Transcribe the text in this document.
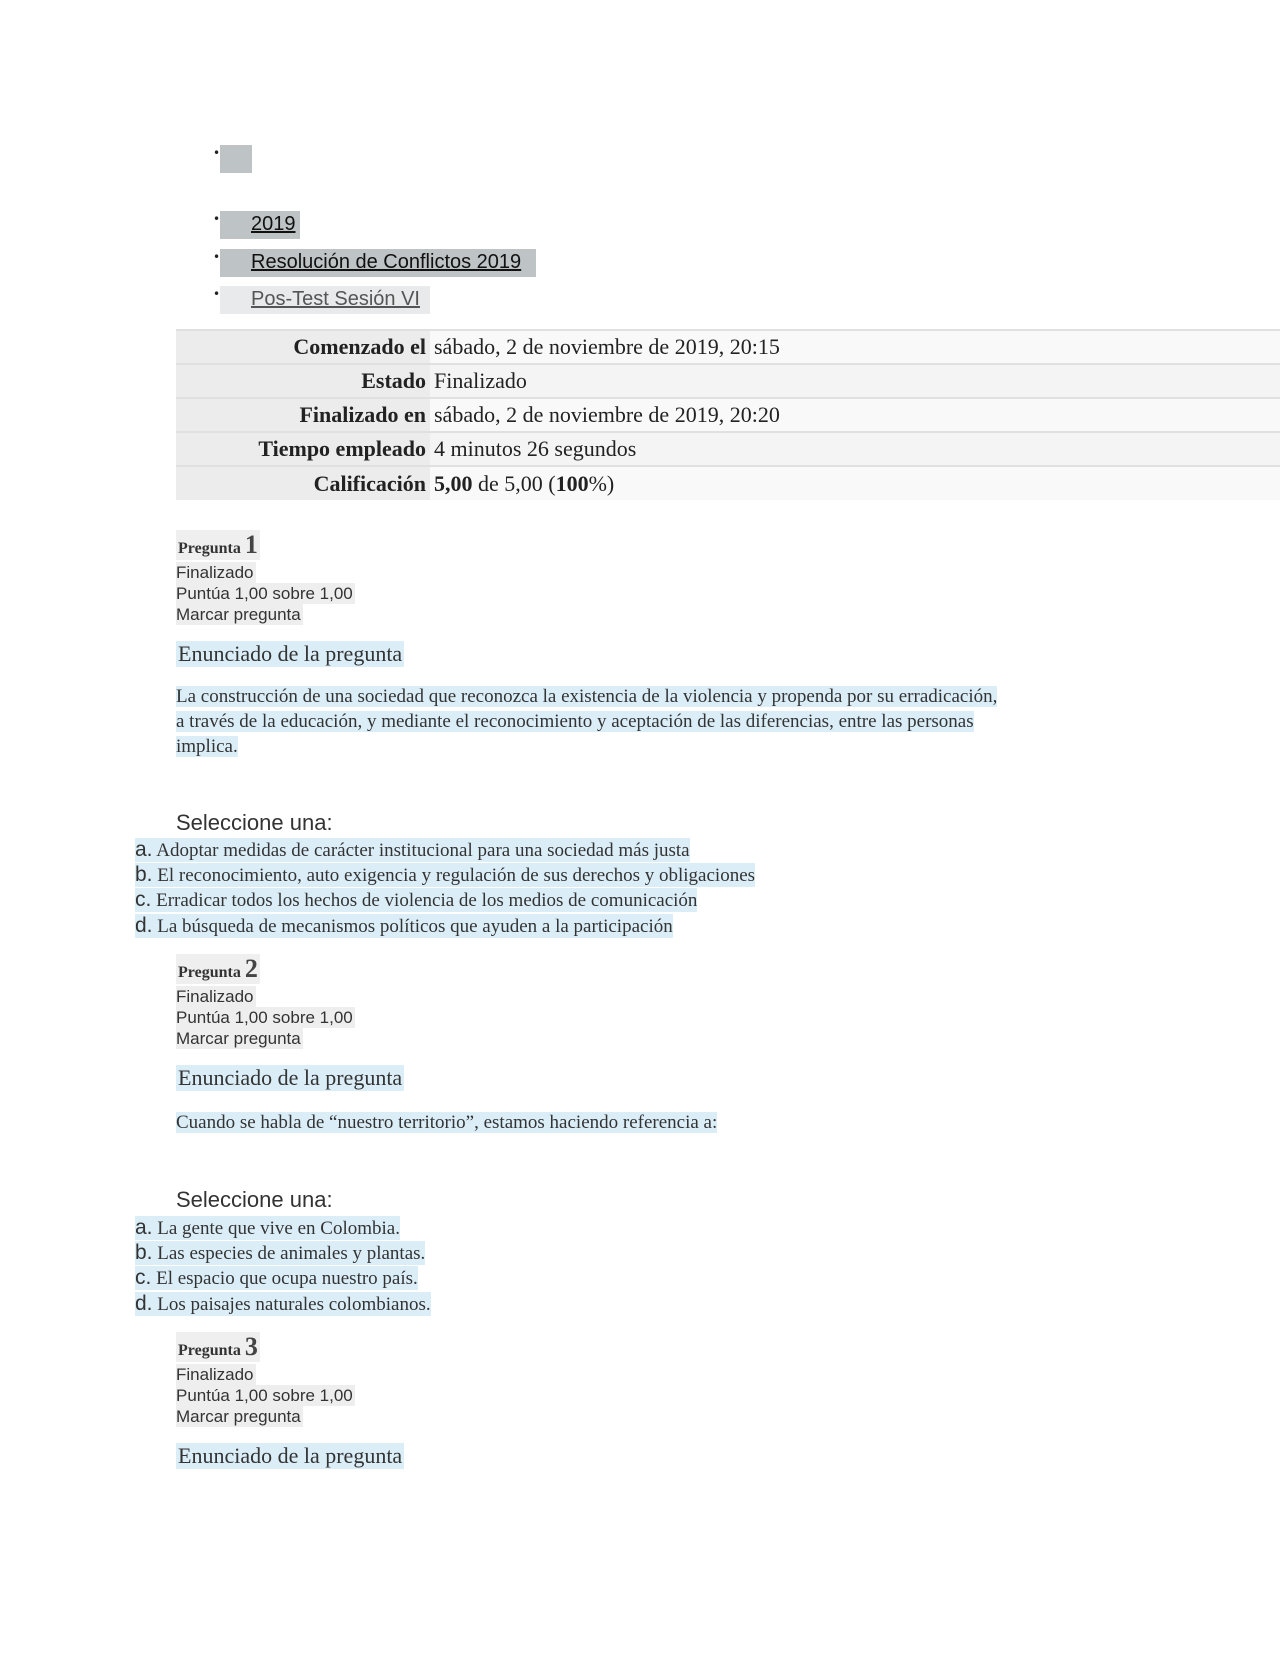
•
• 2019
• Resolución de Conflictos 2019
• Pos-Test Sesión VI
Comenzado el	sábado, 2 de noviembre de 2019, 20:15
Estado	Finalizado
Finalizado en	sábado, 2 de noviembre de 2019, 20:20
Tiempo empleado	4 minutos 26 segundos
Calificación	5,00 de 5,00 (100%)
Pregunta 1
Finalizado
Puntúa 1,00 sobre 1,00
Marcar pregunta
Enunciado de la pregunta
La construcción de una sociedad que reconozca la existencia de la violencia y propenda por su erradicación,
a través de la educación, y mediante el reconocimiento y aceptación de las diferencias, entre las personas
implica.
Seleccione una:
a. Adoptar medidas de carácter institucional para una sociedad más justa
b. El reconocimiento, auto exigencia y regulación de sus derechos y obligaciones
c. Erradicar todos los hechos de violencia de los medios de comunicación
d. La búsqueda de mecanismos políticos que ayuden a la participación
Pregunta 2
Finalizado
Puntúa 1,00 sobre 1,00
Marcar pregunta
Enunciado de la pregunta
Cuando se habla de “nuestro territorio”, estamos haciendo referencia a:
Seleccione una:
a. La gente que vive en Colombia.
b. Las especies de animales y plantas.
c. El espacio que ocupa nuestro país.
d. Los paisajes naturales colombianos.
Pregunta 3
Finalizado
Puntúa 1,00 sobre 1,00
Marcar pregunta
Enunciado de la pregunta
